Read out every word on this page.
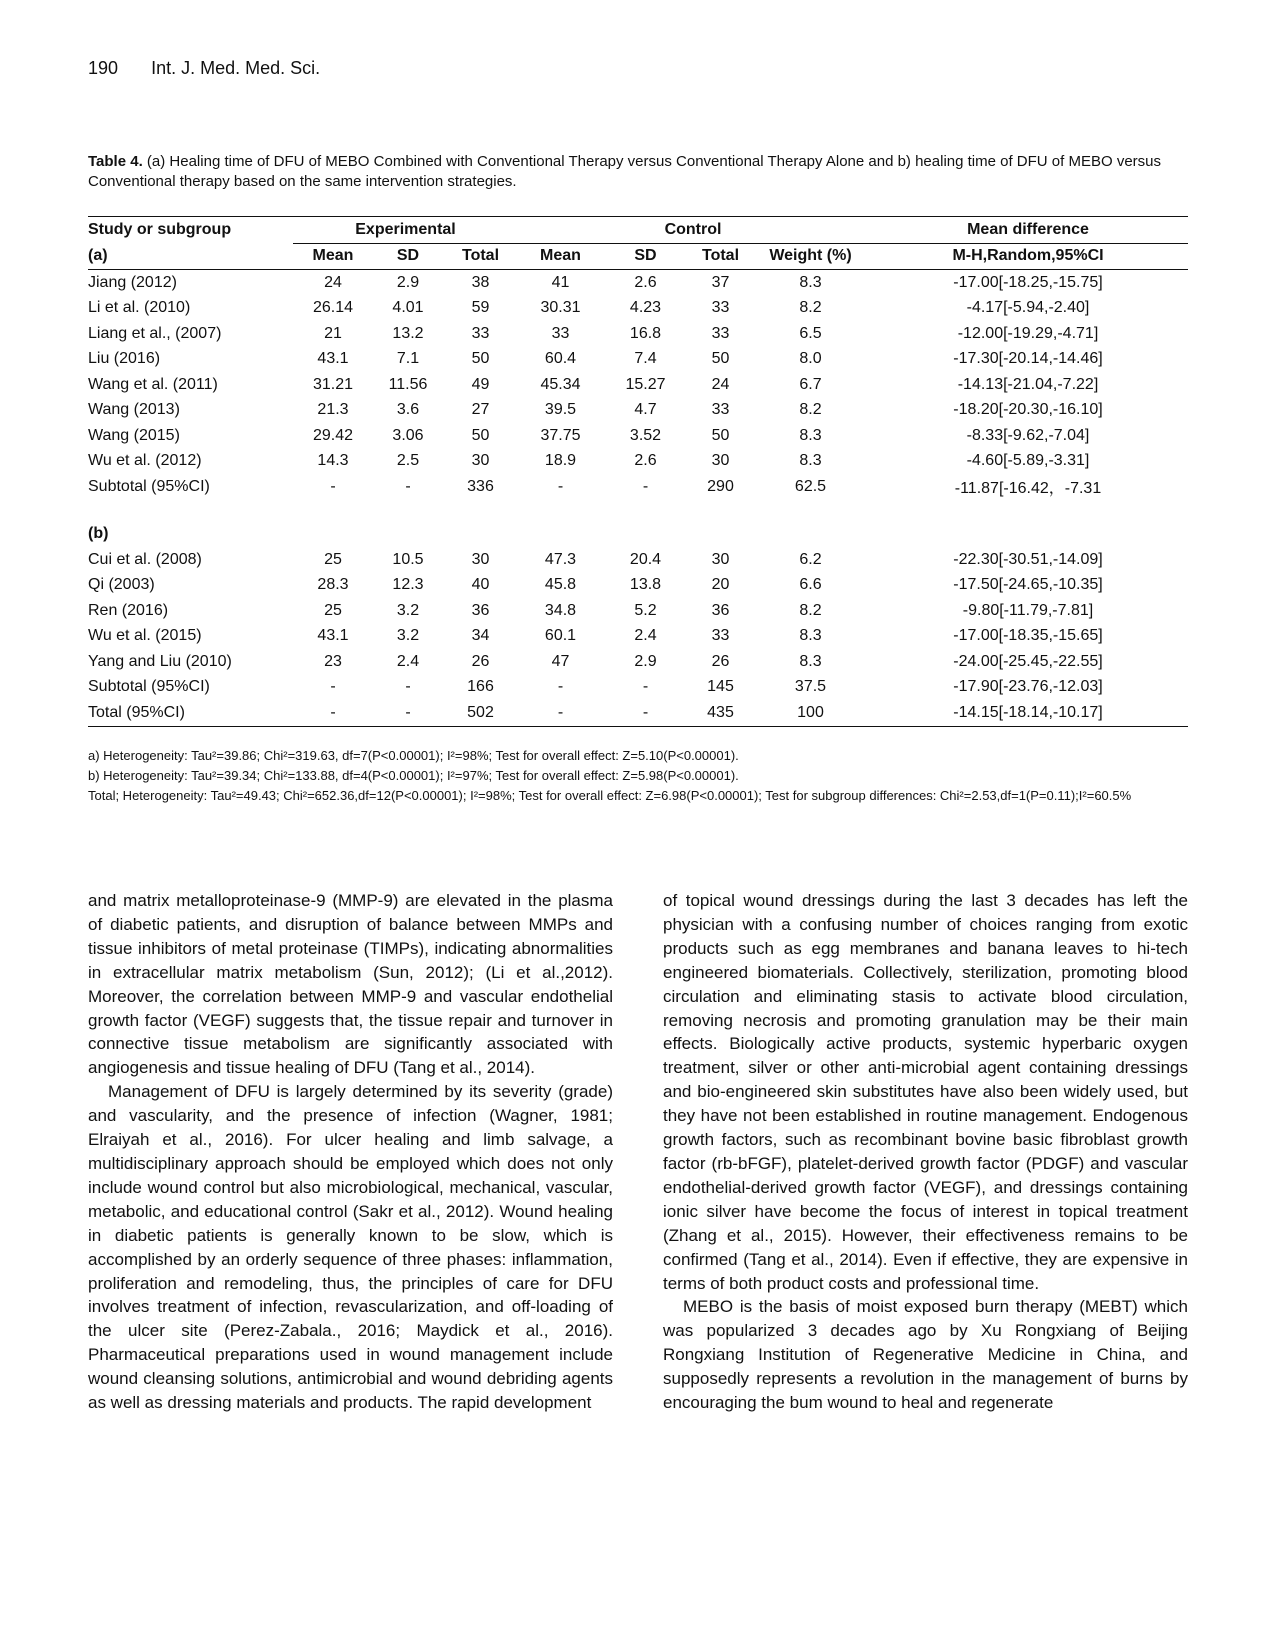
190 Int. J. Med. Med. Sci.
Table 4. (a) Healing time of DFU of MEBO Combined with Conventional Therapy versus Conventional Therapy Alone and b) healing time of DFU of MEBO versus Conventional therapy based on the same intervention strategies.
Study or subgroup	Experimental			Control				Mean difference
(a)	Mean	SD	Total	Mean	SD	Total	Weight (%)	M-H,Random,95%CI
Jiang (2012)	24	2.9	38	41	2.6	37	8.3	-17.00[-18.25,-15.75]
Li et al. (2010)	26.14	4.01	59	30.31	4.23	33	8.2	-4.17[-5.94,-2.40]
Liang et al., (2007)	21	13.2	33	33	16.8	33	6.5	-12.00[-19.29,-4.71]
Liu (2016)	43.1	7.1	50	60.4	7.4	50	8.0	-17.30[-20.14,-14.46]
Wang et al. (2011)	31.21	11.56	49	45.34	15.27	24	6.7	-14.13[-21.04,-7.22]
Wang (2013)	21.3	3.6	27	39.5	4.7	33	8.2	-18.20[-20.30,-16.10]
Wang (2015)	29.42	3.06	50	37.75	3.52	50	8.3	-8.33[-9.62,-7.04]
Wu et al. (2012)	14.3	2.5	30	18.9	2.6	30	8.3	-4.60[-5.89,-3.31]
Subtotal (95%CI)	-	-	336	-	-	290	62.5	-11.87[-16.42，-7.31

(b)								
Cui et al. (2008)	25	10.5	30	47.3	20.4	30	6.2	-22.30[-30.51,-14.09]
Qi (2003)	28.3	12.3	40	45.8	13.8	20	6.6	-17.50[-24.65,-10.35]
Ren (2016)	25	3.2	36	34.8	5.2	36	8.2	-9.80[-11.79,-7.81]
Wu et al. (2015)	43.1	3.2	34	60.1	2.4	33	8.3	-17.00[-18.35,-15.65]
Yang and Liu (2010)	23	2.4	26	47	2.9	26	8.3	-24.00[-25.45,-22.55]
Subtotal (95%CI)	-	-	166	-	-	145	37.5	-17.90[-23.76,-12.03]
Total (95%CI)	-	-	502	-	-	435	100	-14.15[-18.14,-10.17]

a) Heterogeneity: Tau²=39.86; Chi²=319.63, df=7(P<0.00001); I²=98%; Test for overall effect: Z=5.10(P<0.00001).

b) Heterogeneity: Tau²=39.34; Chi²=133.88, df=4(P<0.00001); I²=97%; Test for overall effect: Z=5.98(P<0.00001).

Total; Heterogeneity: Tau²=49.43; Chi²=652.36,df=12(P<0.00001); I²=98%; Test for overall effect: Z=6.98(P<0.00001); Test for subgroup differences: Chi²=2.53,df=1(P=0.11);I²=60.5%

and matrix metalloproteinase-9 (MMP-9) are elevated in the plasma of diabetic patients, and disruption of balance between MMPs and tissue inhibitors of metal proteinase (TIMPs), indicating abnormalities in extracellular matrix metabolism (Sun, 2012); (Li et al.,2012). Moreover, the correlation between MMP-9 and vascular endothelial growth factor (VEGF) suggests that, the tissue repair and turnover in connective tissue metabolism are significantly associated with angiogenesis and tissue healing of DFU (Tang et al., 2014).

Management of DFU is largely determined by its severity (grade) and vascularity, and the presence of infection (Wagner, 1981; Elraiyah et al., 2016). For ulcer healing and limb salvage, a multidisciplinary approach should be employed which does not only include wound control but also microbiological, mechanical, vascular, metabolic, and educational control (Sakr et al., 2012). Wound healing in diabetic patients is generally known to be slow, which is accomplished by an orderly sequence of three phases: inflammation, proliferation and remodeling, thus, the principles of care for DFU involves treatment of infection, revascularization, and off-loading of the ulcer site (Perez-Zabala., 2016; Maydick et al., 2016). Pharmaceutical preparations used in wound management include wound cleansing solutions, antimicrobial and wound debriding agents as well as dressing materials and products. The rapid development

of topical wound dressings during the last 3 decades has left the physician with a confusing number of choices ranging from exotic products such as egg membranes and banana leaves to hi-tech engineered biomaterials. Collectively, sterilization, promoting blood circulation and eliminating stasis to activate blood circulation, removing necrosis and promoting granulation may be their main effects. Biologically active products, systemic hyperbaric oxygen treatment, silver or other anti-microbial agent containing dressings and bio-engineered skin substitutes have also been widely used, but they have not been established in routine management. Endogenous growth factors, such as recombinant bovine basic fibroblast growth factor (rb-bFGF), platelet-derived growth factor (PDGF) and vascular endothelial-derived growth factor (VEGF), and dressings containing ionic silver have become the focus of interest in topical treatment (Zhang et al., 2015). However, their effectiveness remains to be confirmed (Tang et al., 2014). Even if effective, they are expensive in terms of both product costs and professional time.

MEBO is the basis of moist exposed burn therapy (MEBT) which was popularized 3 decades ago by Xu Rongxiang of Beijing Rongxiang Institution of Regenerative Medicine in China, and supposedly represents a revolution in the management of burns by encouraging the bum wound to heal and regenerate
